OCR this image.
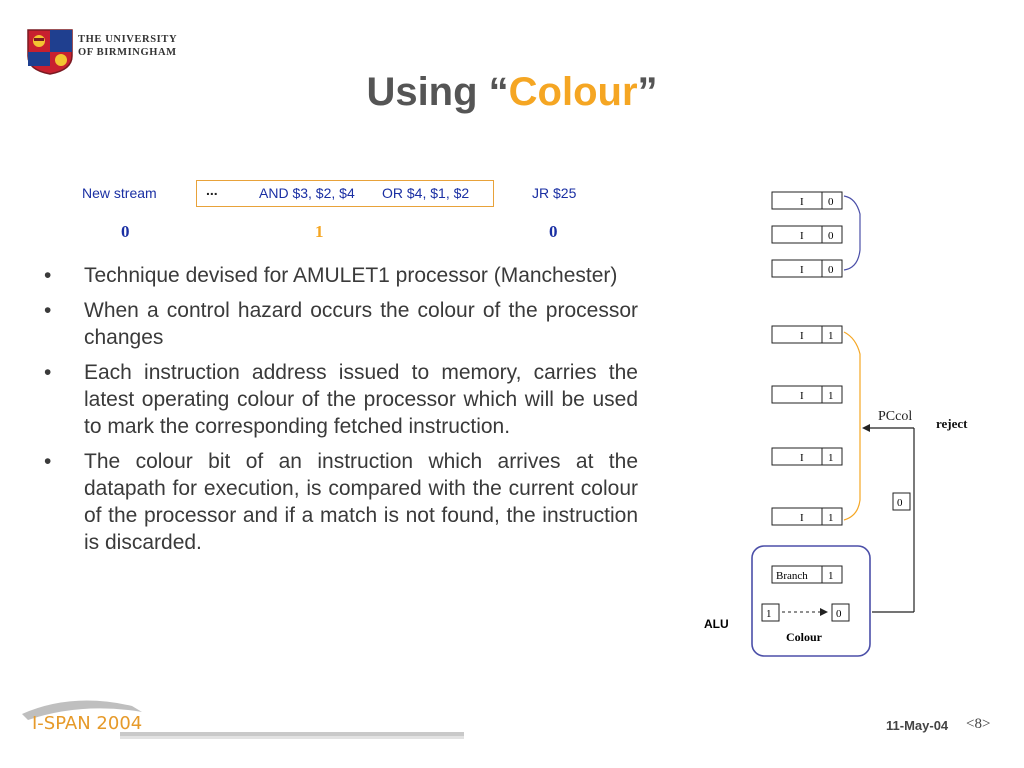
THE UNIVERSITY
OF BIRMINGHAM
Using “Colour”
New stream	...	AND $3, $2, $4 OR $4, $1, $2	JR $25
0	1	0
• Technique devised for AMULET1 processor (Manchester)
• When a control hazard occurs the colour of the processor changes
• Each instruction address issued to memory, carries the latest operating colour of the processor which will be used to mark the corresponding fetched instruction.
• The colour bit of an instruction which arrives at the datapath for execution, is compared with the current colour of the processor and if a match is not found, the instruction is discarded.
I 0
I 0
I 0
I 1
I 1
I 1
I 1
PCcol reject
0
Branch 1
1	0
Colour
ALU
I-SPAN 2004	11-May-04 <8>
